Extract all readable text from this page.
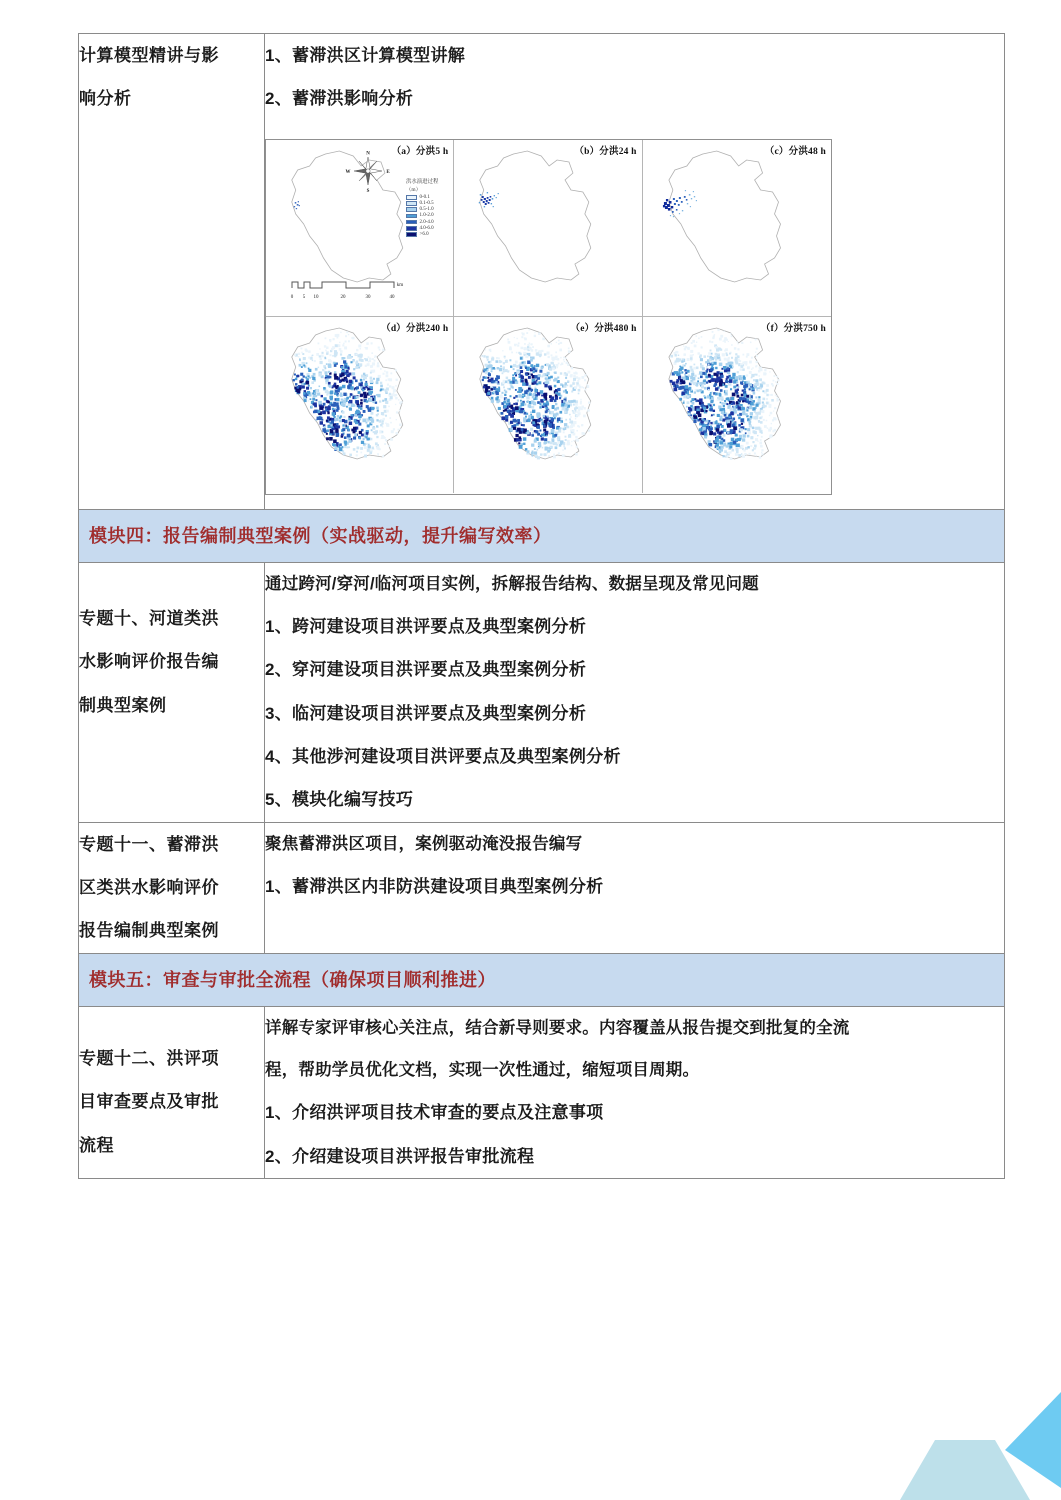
计算模型精讲与影
响分析

1、蓄滞洪区计算模型讲解
2、蓄滞洪影响分析
N
S
E
W
洪水演进过程
（m）
0-0.1
0.1-0.5
0.5-1.0
1.0-2.0
2.0-4.0
4.0-6.0
>6.0
0 5 10	20	30	40
km
（a）分洪5 h	（b）分洪24 h	（c）分洪48 h
（d）分洪240 h	（e）分洪480 h	（f）分洪750 h

模块四：报告编制典型案例（实战驱动，提升编写效率）	

专题十、河道类洪
水影响评价报告编
制典型案例

通过跨河/穿河/临河项目实例，拆解报告结构、数据呈现及常见问题
1、跨河建设项目洪评要点及典型案例分析
2、穿河建设项目洪评要点及典型案例分析
3、临河建设项目洪评要点及典型案例分析
4、其他涉河建设项目洪评要点及典型案例分析
5、模块化编写技巧

专题十一、蓄滞洪
区类洪水影响评价
报告编制典型案例

聚焦蓄滞洪区项目，案例驱动淹没报告编写
1、蓄滞洪区内非防洪建设项目典型案例分析

模块五：审查与审批全流程（确保项目顺利推进）	

专题十二、洪评项
目审查要点及审批
流程

详解专家评审核心关注点，结合新导则要求。内容覆盖从报告提交到批复的全流
程，帮助学员优化文档，实现一次性通过，缩短项目周期。
1、介绍洪评项目技术审查的要点及注意事项
2、介绍建设项目洪评报告审批流程
